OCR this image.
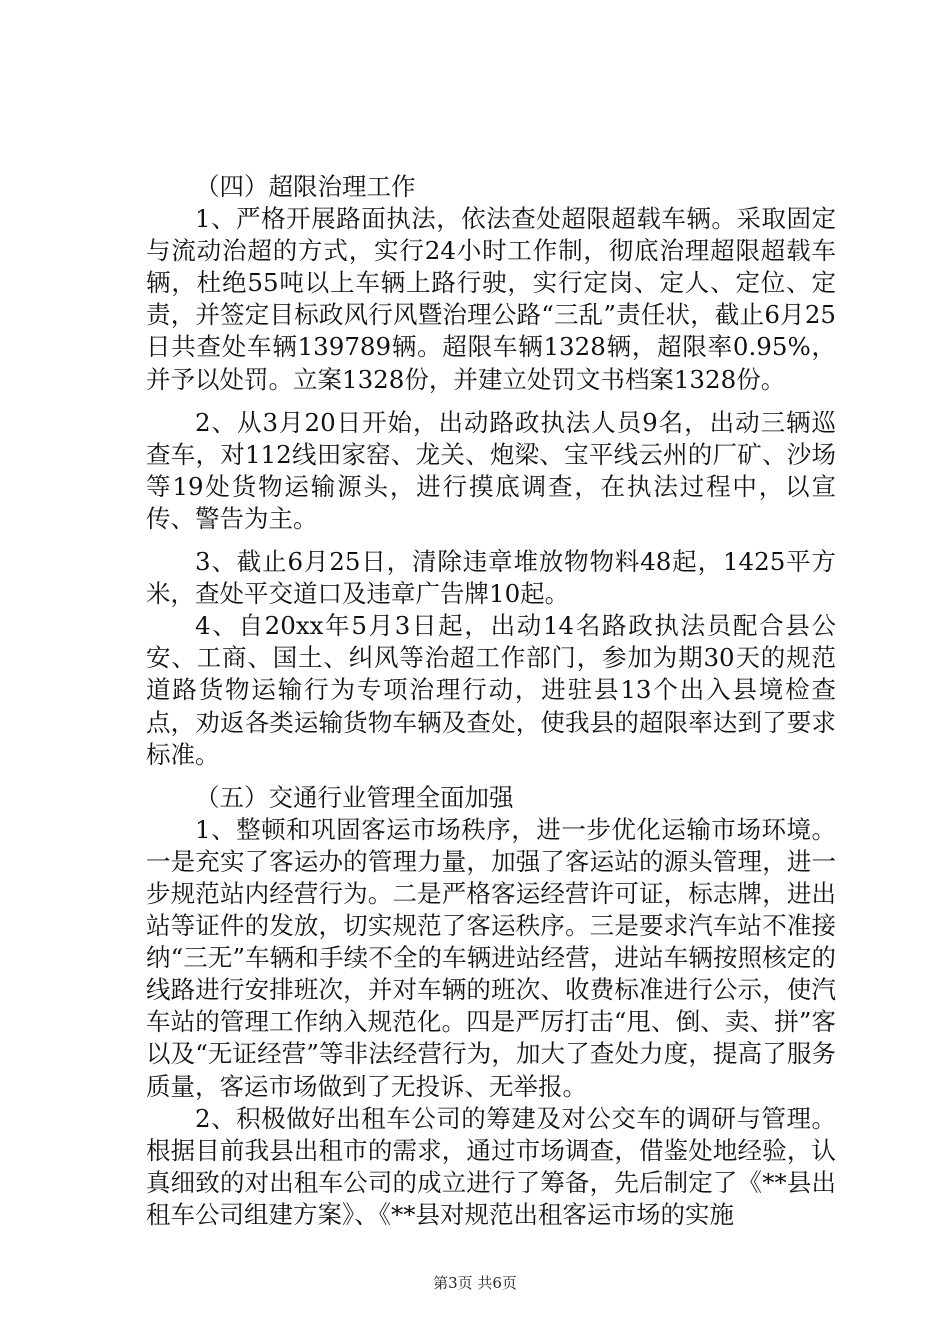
（四）超限治理工作

1、严格开展路面执法，依法查处超限超载车辆。采取固定与流动治超的方式，实行24小时工作制，彻底治理超限超载车辆，杜绝55吨以上车辆上路行驶，实行定岗、定人、定位、定责，并签定目标政风行风暨治理公路“三乱”责任状，截止6月25日共查处车辆139789辆。超限车辆1328辆，超限率0.95%，并予以处罚。立案1328份，并建立处罚文书档案1328份。

2、从3月20日开始，出动路政执法人员9名，出动三辆巡查车，对112线田家窑、龙关、炮梁、宝平线云州的厂矿、沙场等19处货物运输源头，进行摸底调查，在执法过程中，以宣传、警告为主。

3、截止6月25日，清除违章堆放物物料48起，1425平方米，查处平交道口及违章广告牌10起。

4、自20xx年5月3日起，出动14名路政执法员配合县公安、工商、国土、纠风等治超工作部门，参加为期30天的规范道路货物运输行为专项治理行动，进驻县13个出入县境检查点，劝返各类运输货物车辆及查处，使我县的超限率达到了要求标准。

（五）交通行业管理全面加强

1、整顿和巩固客运市场秩序，进一步优化运输市场环境。一是充实了客运办的管理力量，加强了客运站的源头管理，进一步规范站内经营行为。二是严格客运经营许可证，标志牌，进出站等证件的发放，切实规范了客运秩序。三是要求汽车站不准接纳“三无”车辆和手续不全的车辆进站经营，进站车辆按照核定的线路进行安排班次，并对车辆的班次、收费标准进行公示，使汽车站的管理工作纳入规范化。四是严厉打击“甩、倒、卖、拼”客以及“无证经营”等非法经营行为，加大了查处力度，提高了服务质量，客运市场做到了无投诉、无举报。

2、积极做好出租车公司的筹建及对公交车的调研与管理。根据目前我县出租市的需求，通过市场调查，借鉴处地经验，认真细致的对出租车公司的成立进行了筹备，先后制定了《**县出租车公司组建方案》、《**县对规范出租客运市场的实施

第3页 共6页
